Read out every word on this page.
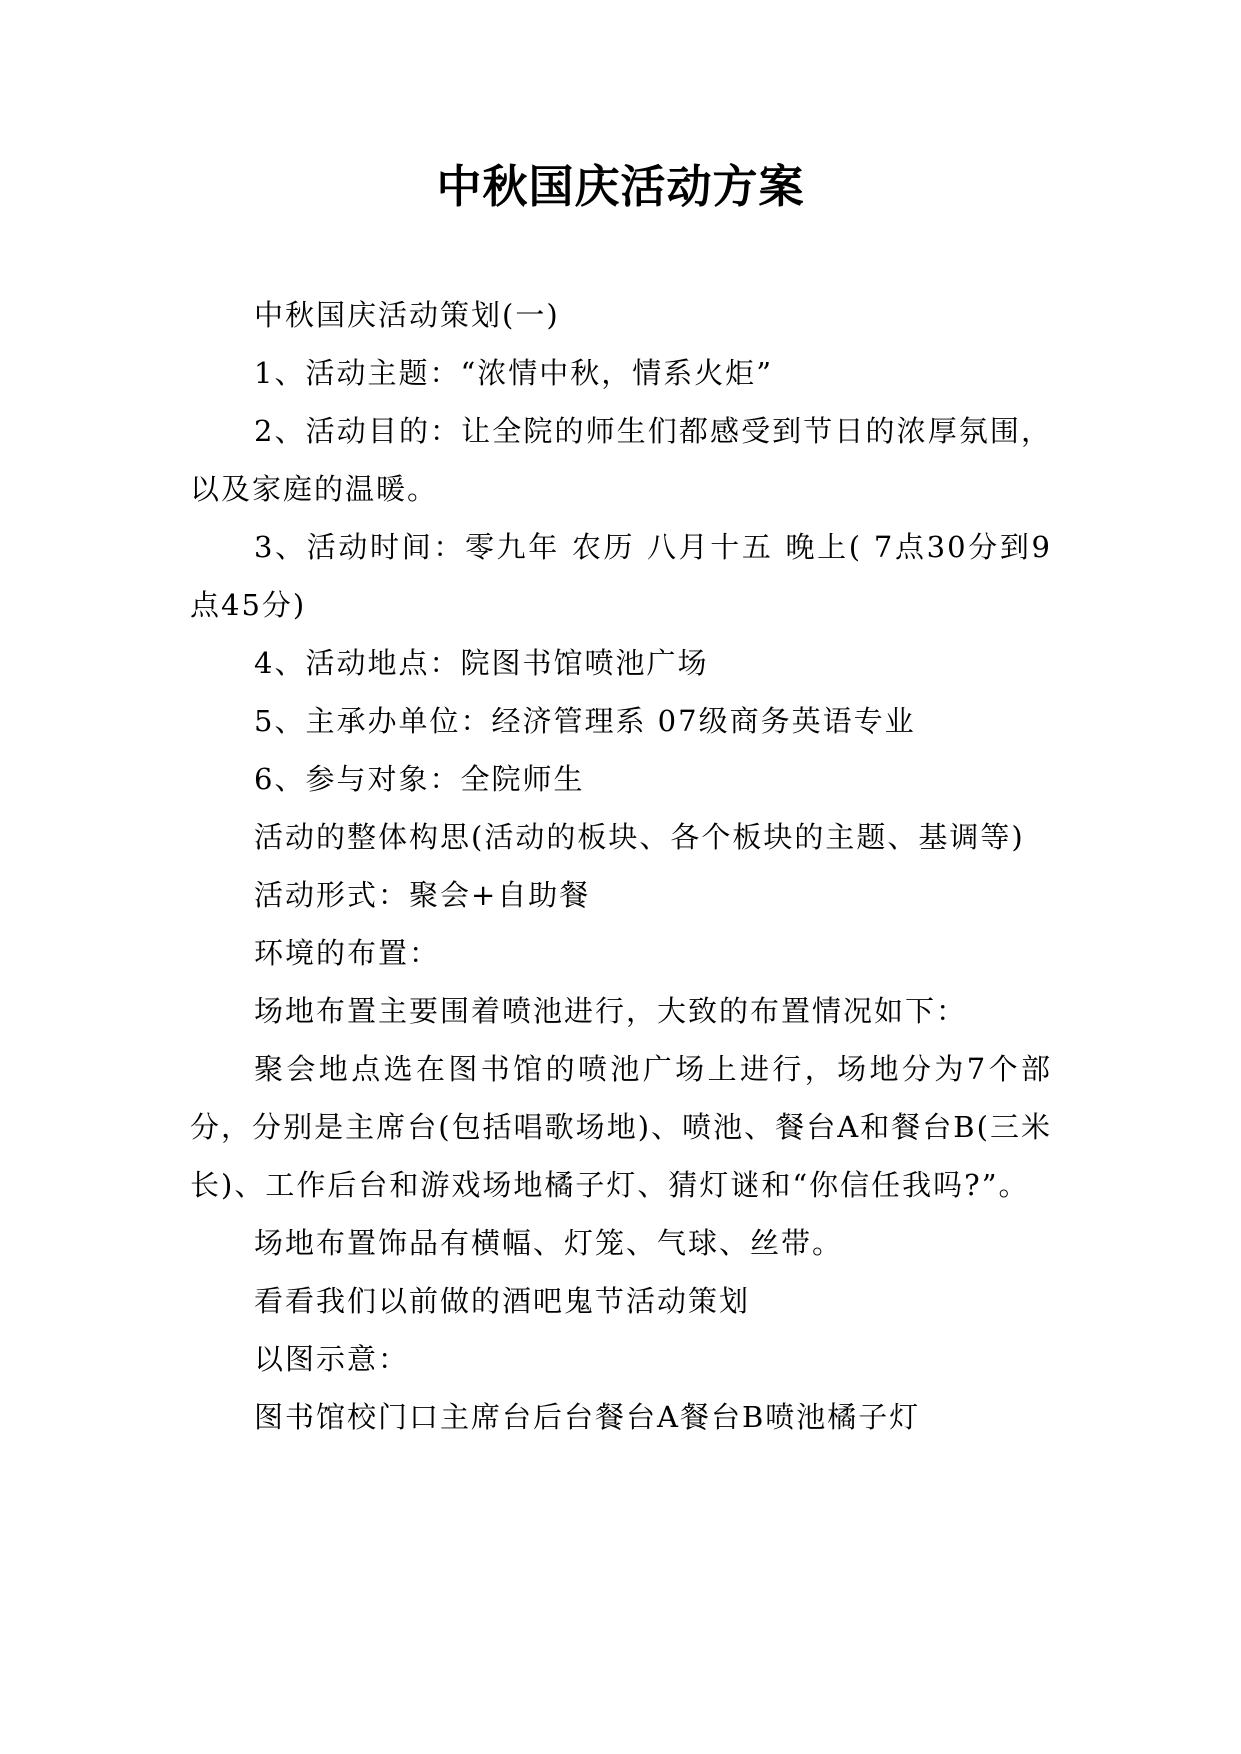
中秋国庆活动方案

中秋国庆活动策划(一)

1、活动主题：“浓情中秋，情系火炬”

2、活动目的：让全院的师生们都感受到节日的浓厚氛围，以及家庭的温暖。

3、活动时间：零九年 农历 八月十五 晚上( 7点30分到9点45分)

4、活动地点：院图书馆喷池广场

5、主承办单位：经济管理系 07级商务英语专业

6、参与对象：全院师生

活动的整体构思(活动的板块、各个板块的主题、基调等)

活动形式：聚会+自助餐

环境的布置：

场地布置主要围着喷池进行，大致的布置情况如下：

聚会地点选在图书馆的喷池广场上进行，场地分为7个部分，分别是主席台(包括唱歌场地)、喷池、餐台A和餐台B(三米长)、工作后台和游戏场地橘子灯、猜灯谜和“你信任我吗?”。

场地布置饰品有横幅、灯笼、气球、丝带。

看看我们以前做的酒吧鬼节活动策划

以图示意：

图书馆校门口主席台后台餐台A餐台B喷池橘子灯
